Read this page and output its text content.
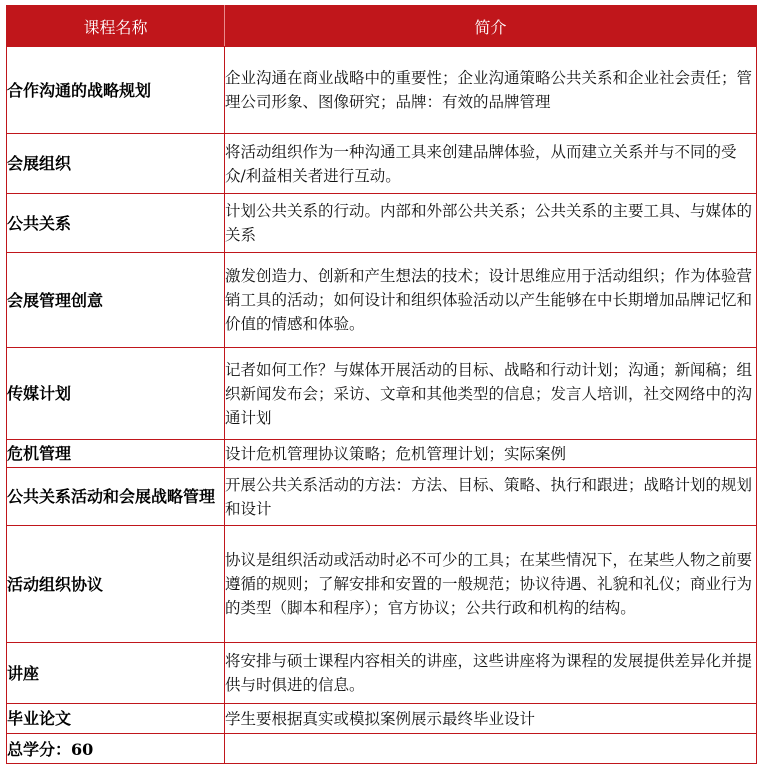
课程名称	简介
合作沟通的战略规划	企业沟通在商业战略中的重要性；企业沟通策略公共关系和企业社会责任；管理公司形象、图像研究；品牌：有效的品牌管理
会展组织	将活动组织作为一种沟通工具来创建品牌体验，从而建立关系并与不同的受众/利益相关者进行互动。
公共关系	计划公共关系的行动。内部和外部公共关系；公共关系的主要工具、与媒体的关系
会展管理创意	激发创造力、创新和产生想法的技术；设计思维应用于活动组织；作为体验营销工具的活动；如何设计和组织体验活动以产生能够在中长期增加品牌记忆和价值的情感和体验。
传媒计划	记者如何工作？与媒体开展活动的目标、战略和行动计划；沟通；新闻稿；组织新闻发布会；采访、文章和其他类型的信息；发言人培训，社交网络中的沟通计划
危机管理	设计危机管理协议策略；危机管理计划；实际案例
公共关系活动和会展战略管理	开展公共关系活动的方法：方法、目标、策略、执行和跟进；战略计划的规划和设计
活动组织协议	协议是组织活动或活动时必不可少的工具；在某些情况下，在某些人物之前要遵循的规则；了解安排和安置的一般规范；协议待遇、礼貌和礼仪；商业行为的类型（脚本和程序）；官方协议；公共行政和机构的结构。
讲座	将安排与硕士课程内容相关的讲座，这些讲座将为课程的发展提供差异化并提供与时俱进的信息。
毕业论文	学生要根据真实或模拟案例展示最终毕业设计
总学分：60	
